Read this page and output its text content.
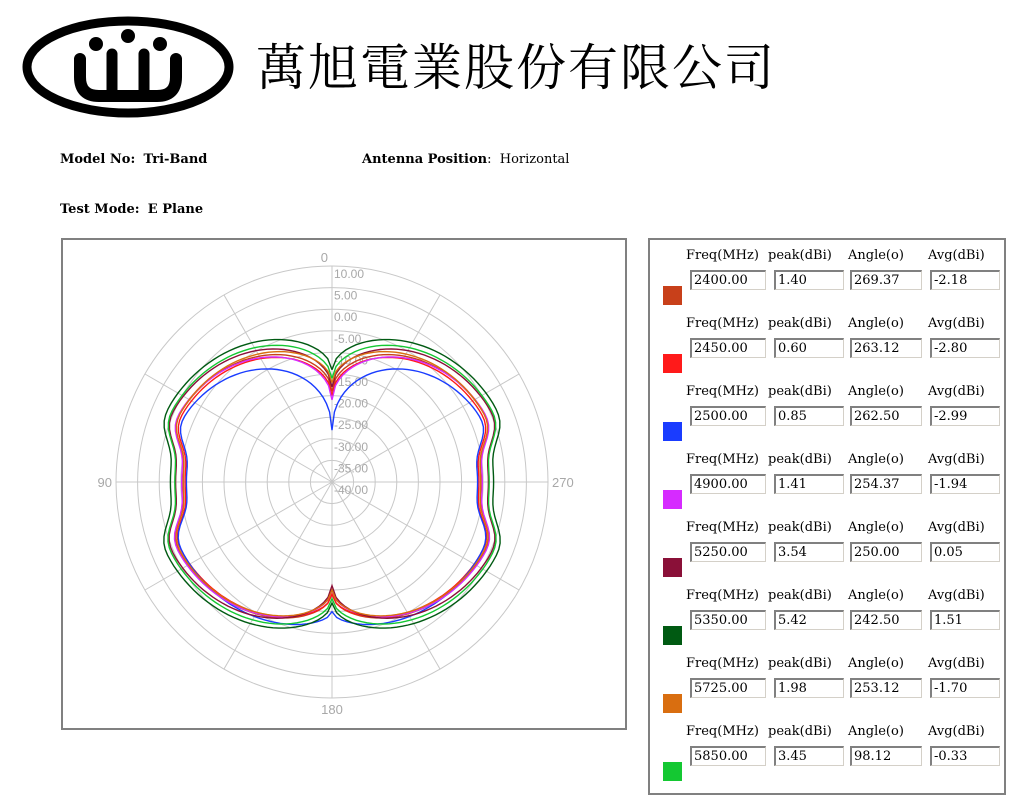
萬旭電業股份有限公司
Model No: Tri-Band	Antenna Position:  Horizontal
Test Mode: E Plane
10.00
5.00
0.00
-5.00
-10.00
-15.00
-20.00
-25.00
-30.00
-35.00
-40.00
0
90
180
270
Freq(MHz) peak(dBi) Angle(o) Avg(dBi)
2400.00	1.40	269.37	-2.18
Freq(MHz) peak(dBi) Angle(o) Avg(dBi)
2450.00	0.60	263.12	-2.80
Freq(MHz) peak(dBi) Angle(o) Avg(dBi)
2500.00	0.85	262.50	-2.99
Freq(MHz) peak(dBi) Angle(o) Avg(dBi)
4900.00	1.41	254.37	-1.94
Freq(MHz) peak(dBi) Angle(o) Avg(dBi)
5250.00	3.54	250.00	0.05
Freq(MHz) peak(dBi) Angle(o) Avg(dBi)
5350.00	5.42	242.50	1.51
Freq(MHz) peak(dBi) Angle(o) Avg(dBi)
5725.00	1.98	253.12	-1.70
Freq(MHz) peak(dBi) Angle(o) Avg(dBi)
5850.00	3.45	98.12	-0.33
